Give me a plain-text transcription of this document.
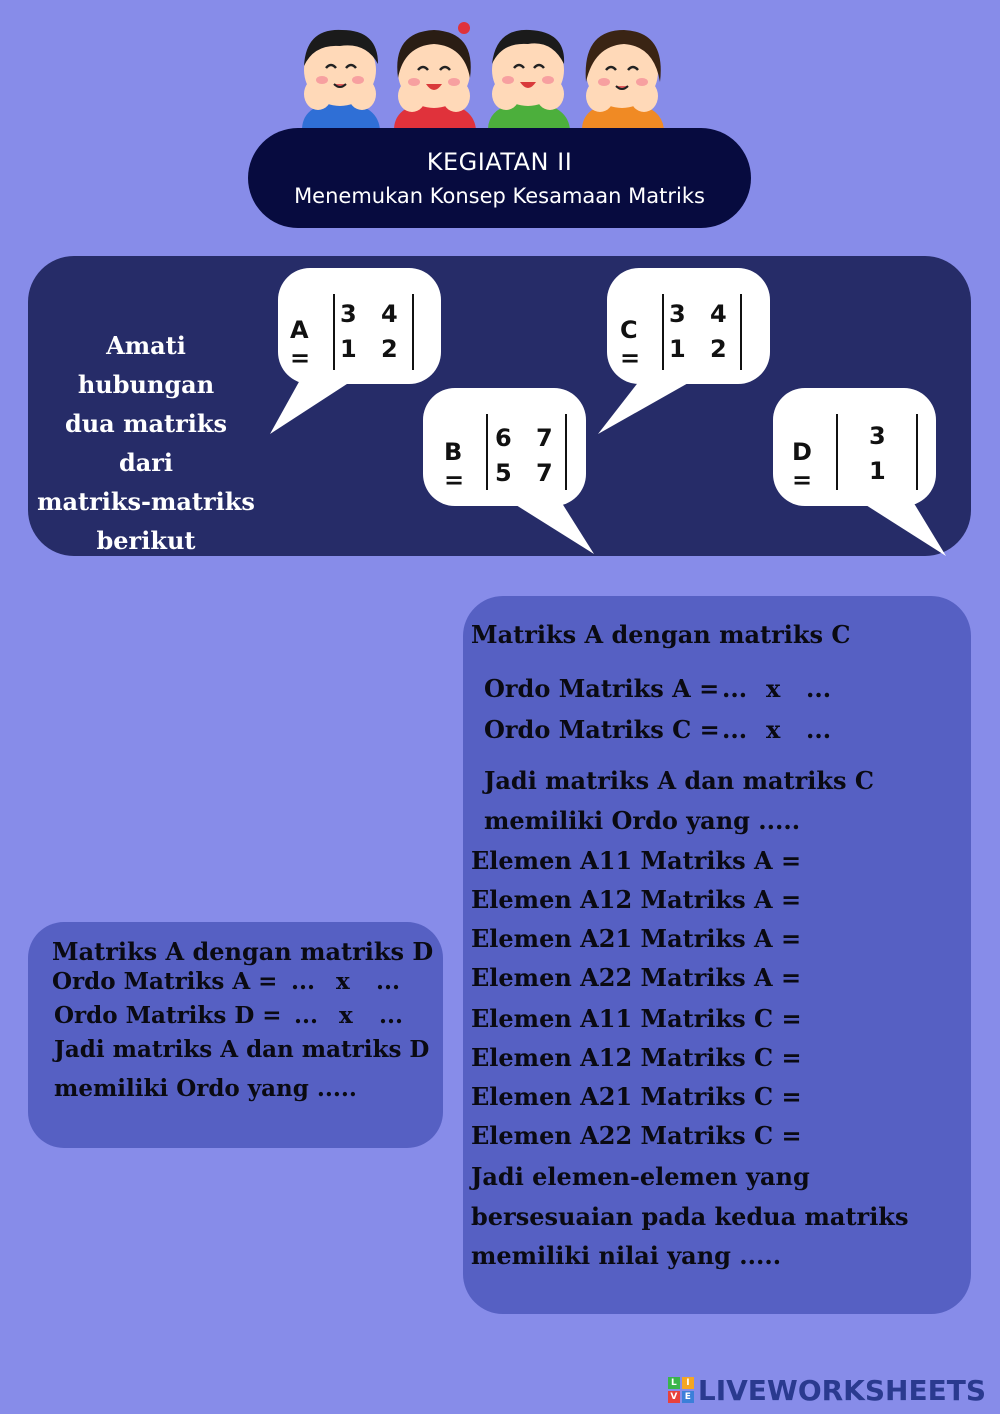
KEGIATAN II
Menemukan Konsep Kesamaan Matriks
Amati hubungan
dua matriks dari
matriks-matriks
berikut
A =
3 4
1 2
B =
6 7
5 7
C =
3 4
1 2
D =
3
1
Matriks A dengan matriks C
Ordo Matriks A = ... x ...
Ordo Matriks C = ... x ...
Jadi matriks A dan matriks C
memiliki Ordo yang .....
Elemen A11 Matriks A =
Elemen A12 Matriks A =
Elemen A21 Matriks A =
Elemen A22 Matriks A =
Elemen A11 Matriks C =
Elemen A12 Matriks C =
Elemen A21 Matriks C =
Elemen A22 Matriks C =
Jadi elemen-elemen yang
bersesuaian pada kedua matriks
memiliki nilai yang .....
Matriks A dengan matriks D
Ordo Matriks A = ... x ...
Ordo Matriks D = ... x ...
Jadi matriks A dan matriks D
memiliki Ordo yang .....
L	I
V E LIVEWORKSHEETS
